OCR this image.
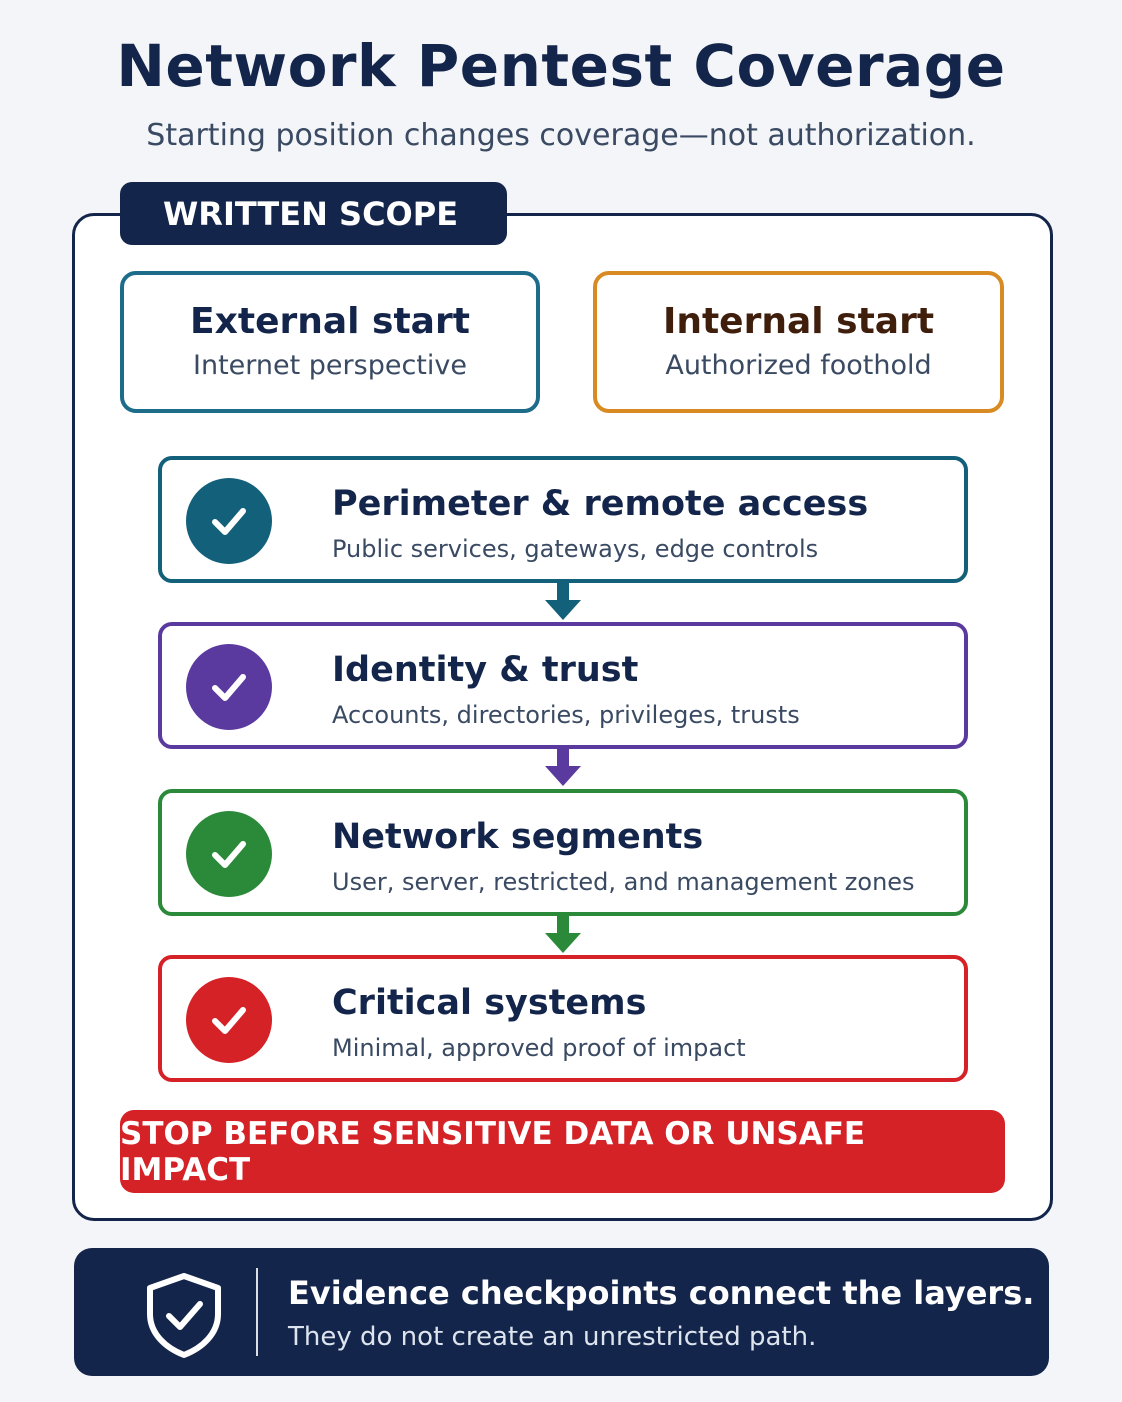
Network Pentest Coverage
Starting position changes coverage—not authorization.
WRITTEN SCOPE
External start
Internet perspective
Internal start
Authorized foothold
Perimeter & remote access
Public services, gateways, edge controls
Identity & trust
Accounts, directories, privileges, trusts
Network segments
User, server, restricted, and management zones
Critical systems
Minimal, approved proof of impact
STOP BEFORE SENSITIVE DATA OR UNSAFE IMPACT
Evidence checkpoints connect the layers.
They do not create an unrestricted path.
